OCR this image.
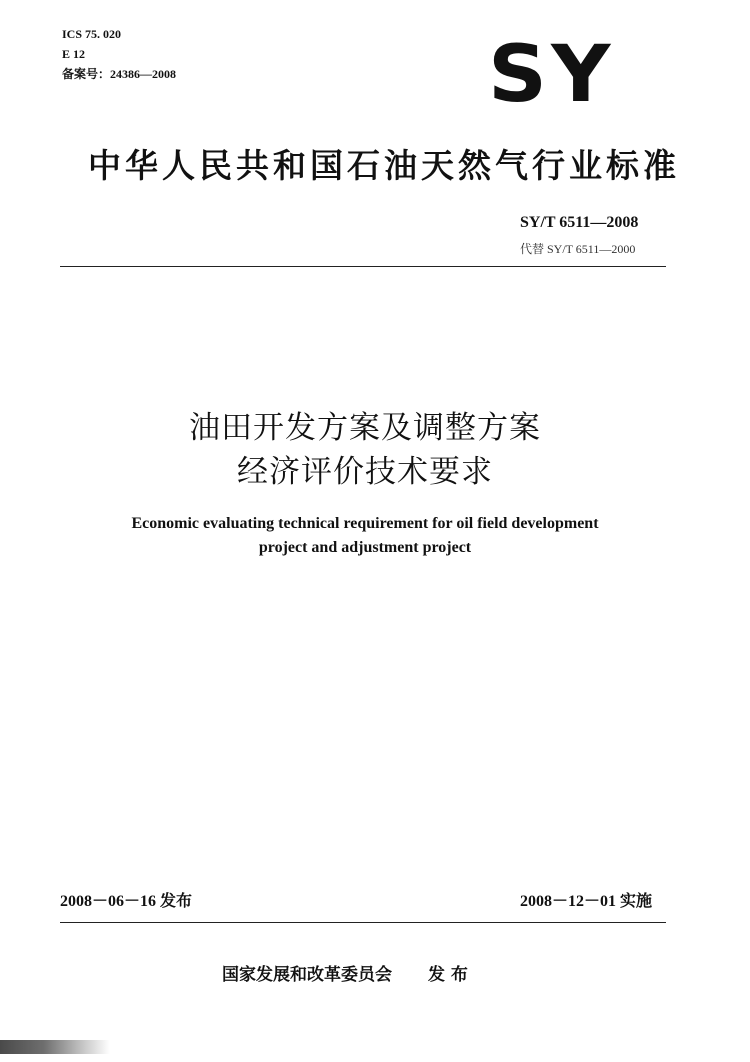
ICS 75. 020
E 12
备案号：24386—2008	SY
中华人民共和国石油天然气行业标准
SY/T 6511—2008
代替 SY/T 6511—2000
油田开发方案及调整方案
经济评价技术要求
Economic evaluating technical requirement for oil field development
project and adjustment project
2008－06－16 发布	2008－12－01 实施
国家发展和改革委员会 发 布
